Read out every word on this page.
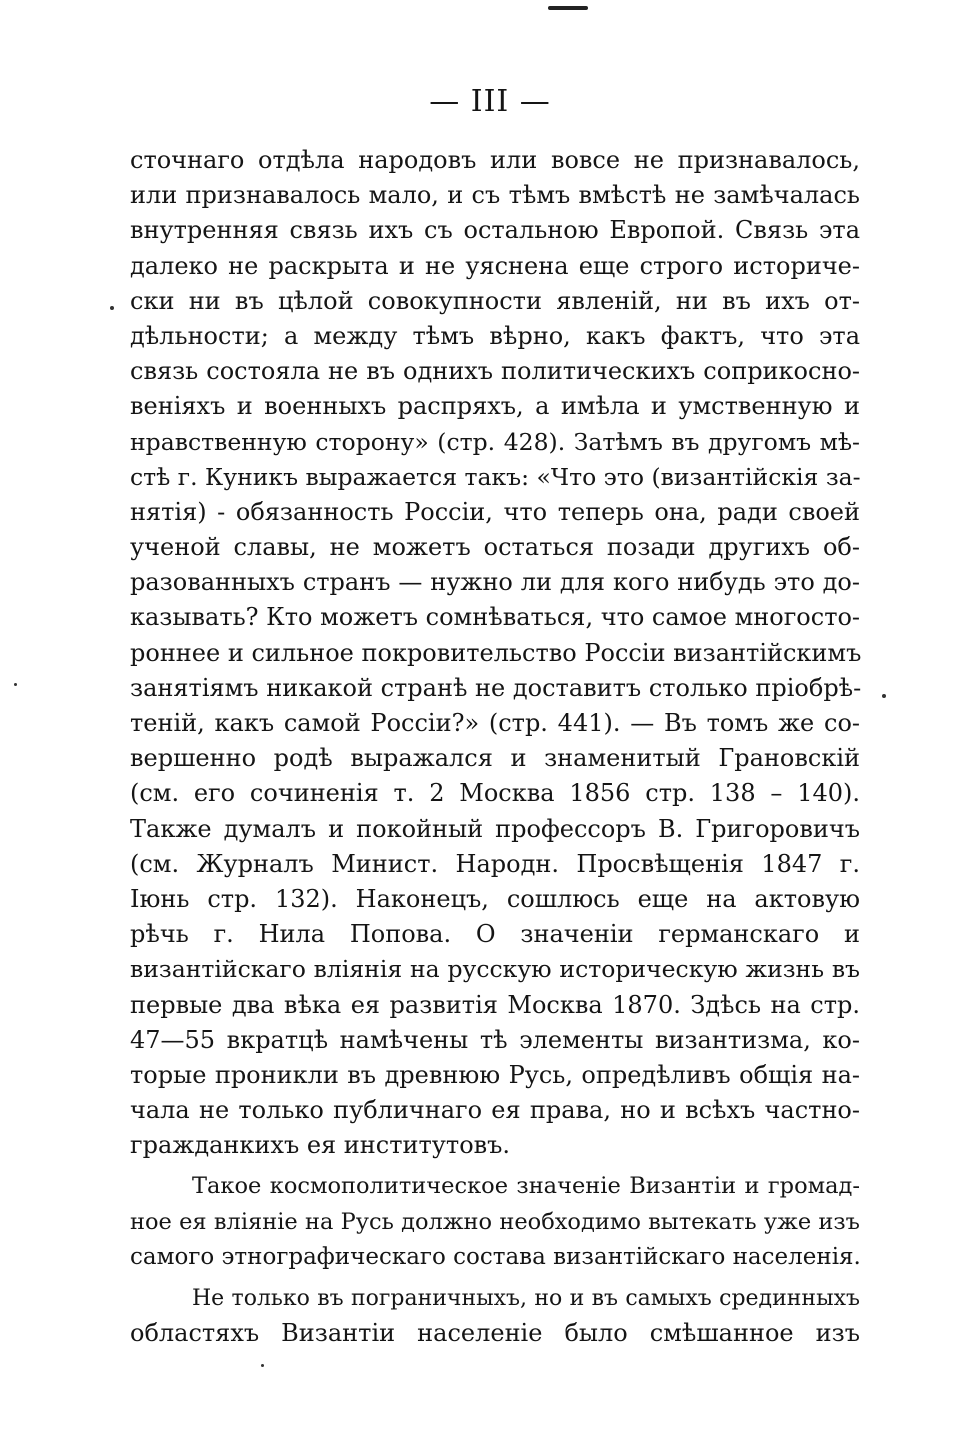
— III —
сточнаго отдѣла народовъ или вовсе не признавалось,
или признавалось мало, и съ тѣмъ вмѣстѣ не замѣчалась
внутренняя связь ихъ съ остальною Европой. Связь эта
далеко не раскрыта и не уяснена еще строго историче-
ски ни въ цѣлой совокупности явленій, ни въ ихъ от-
дѣльности; а между тѣмъ вѣрно, какъ фактъ, что эта
связь состояла не въ однихъ политическихъ соприкосно-
веніяхъ и военныхъ распряхъ, а имѣла и умственную и
нравственную сторону» (стр. 428). Затѣмъ въ другомъ мѣ-
стѣ г. Куникъ выражается такъ: «Что это (византійскія за-
нятія) - обязанность Россіи, что теперь она, ради своей
ученой славы, не можетъ остаться позади другихъ об-
разованныхъ странъ — нужно ли для кого нибудь это до-
казывать? Кто можетъ сомнѣваться, что самое многосто-
роннее и сильное покровительство Россіи византійскимъ
занятіямъ никакой странѣ не доставитъ столько пріобрѣ-
теній, какъ самой Россіи?» (стр. 441). — Въ томъ же со-
вершенно родѣ выражался и знаменитый Грановскій
(см. его сочиненія т. 2 Москва 1856 стр. 138 – 140).
Также думалъ и покойный профессоръ В. Григоровичъ
(см. Журналъ Минист. Народн. Просвѣщенія 1847 г.
Іюнь стр. 132). Наконецъ, сошлюсь еще на актовую
рѣчь г. Нила Попова. О значеніи германскаго и
византійскаго вліянія на русскую историческую жизнь въ
первые два вѣка ея развитія Москва 1870. Здѣсь на стр.
47—55 вкратцѣ намѣчены тѣ элементы византизма, ко-
торые проникли въ древнюю Русь, опредѣливъ общія на-
чала не только публичнаго ея права, но и всѣхъ частно-
гражданкихъ ея институтовъ.
Такое космополитическое значеніе Византіи и громад-
ное ея вліяніе на Русь должно необходимо вытекать уже изъ
самого этнографическаго состава византійскаго населенія.
Не только въ пограничныхъ, но и въ самыхъ срединныхъ
областяхъ Византіи населеніе было смѣшанное изъ
